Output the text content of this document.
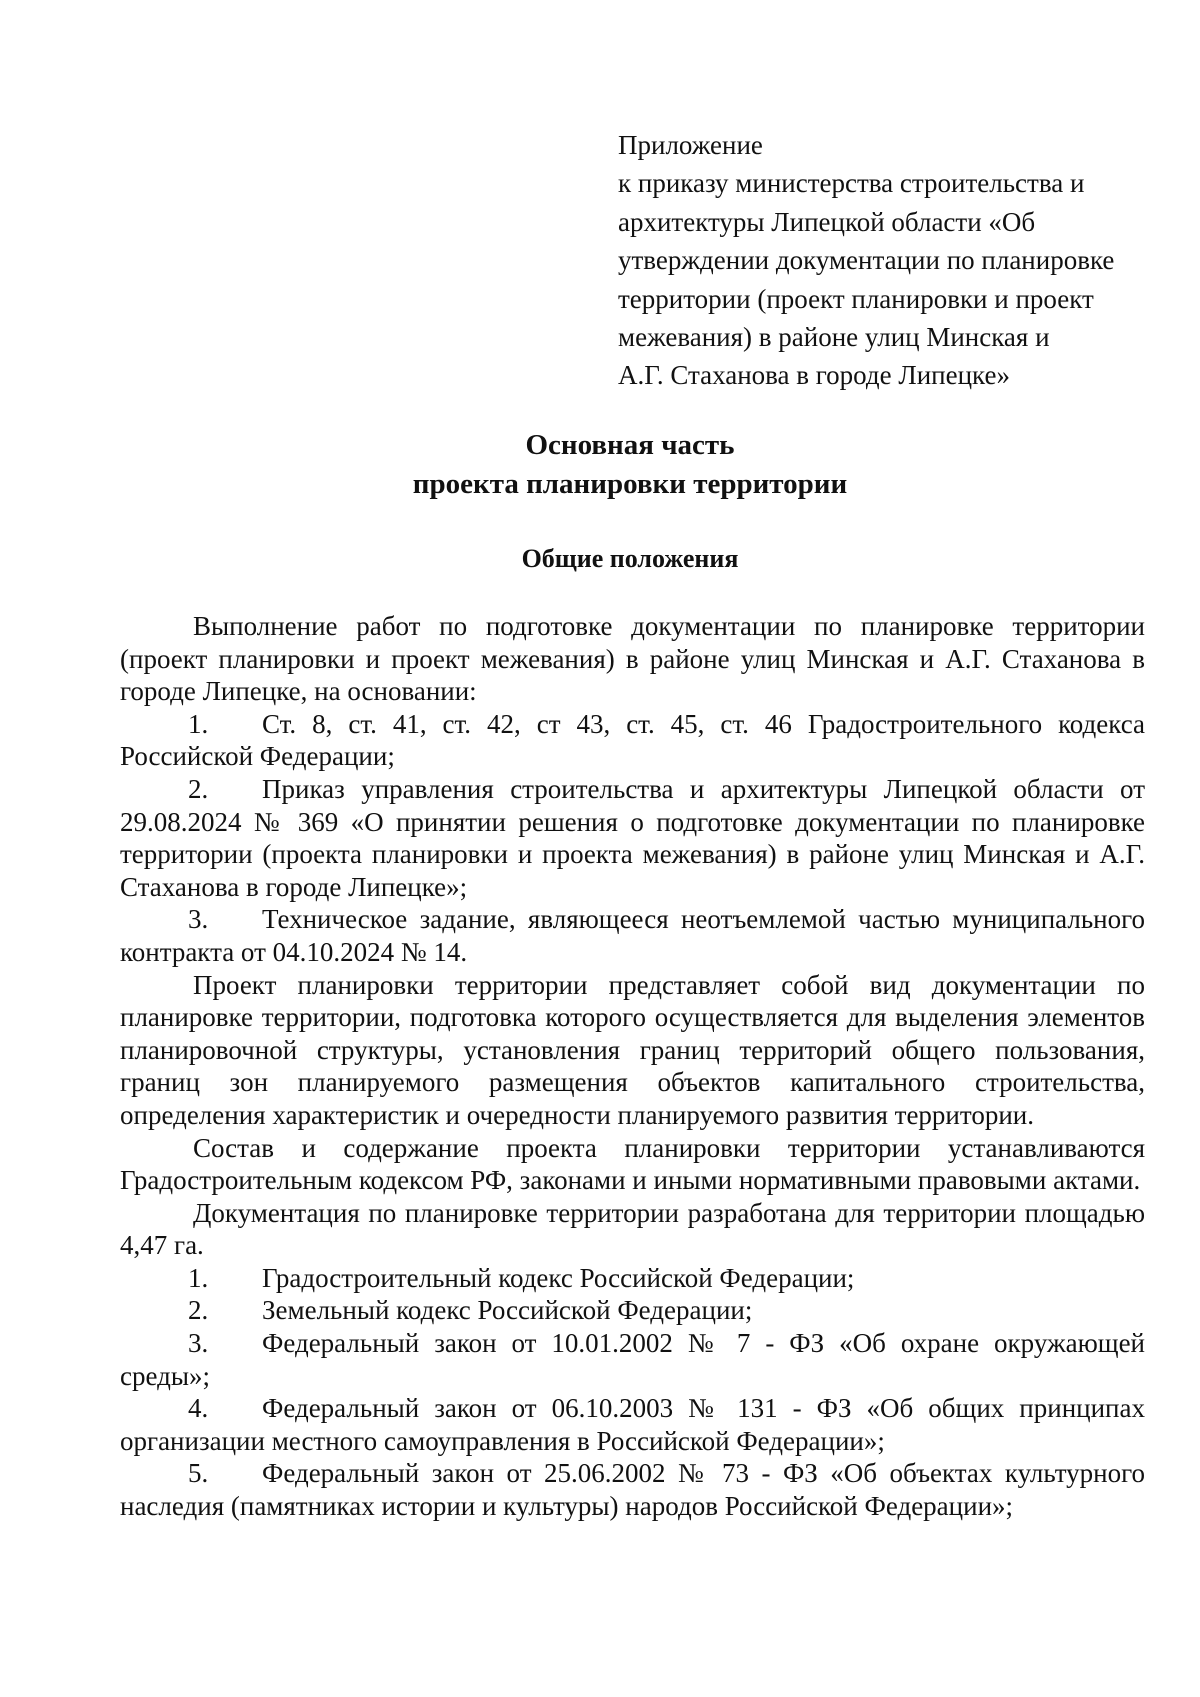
Приложение
к приказу министерства строительства и
архитектуры Липецкой области «Об
утверждении документации по планировке
территории (проект планировки и проект
межевания) в районе улиц Минская и
А.Г. Стаханова в городе Липецке»
Основная часть
проекта планировки территории
Общие положения

Выполнение работ по подготовке документации по планировке территории (проект планировки и проект межевания) в районе улиц Минская и А.Г. Стаханова в городе Липецке, на основании:

1. Ст. 8, ст. 41, ст. 42, ст 43, ст. 45, ст. 46 Градостроительного кодекса Российской Федерации;

2. Приказ управления строительства и архитектуры Липецкой области от 29.08.2024 № 369 «О принятии решения о подготовке документации по планировке территории (проекта планировки и проекта межевания) в районе улиц Минская и А.Г. Стаханова в городе Липецке»;

3. Техническое задание, являющееся неотъемлемой частью муниципального контракта от 04.10.2024 № 14.

Проект планировки территории представляет собой вид документации по планировке территории, подготовка которого осуществляется для выделения элементов планировочной структуры, установления границ территорий общего пользования, границ зон планируемого размещения объектов капитального строительства, определения характеристик и очередности планируемого развития территории.

Состав и содержание проекта планировки территории устанавливаются Градостроительным кодексом РФ, законами и иными нормативными правовыми актами.

Документация по планировке территории разработана для территории площадью 4,47 га.

1. Градостроительный кодекс Российской Федерации;

2. Земельный кодекс Российской Федерации;

3. Федеральный закон от 10.01.2002 № 7 - ФЗ «Об охране окружающей среды»;

4. Федеральный закон от 06.10.2003 № 131 - ФЗ «Об общих принципах организации местного самоуправления в Российской Федерации»;

5. Федеральный закон от 25.06.2002 № 73 - ФЗ «Об объектах культурного наследия (памятниках истории и культуры) народов Российской Федерации»;
